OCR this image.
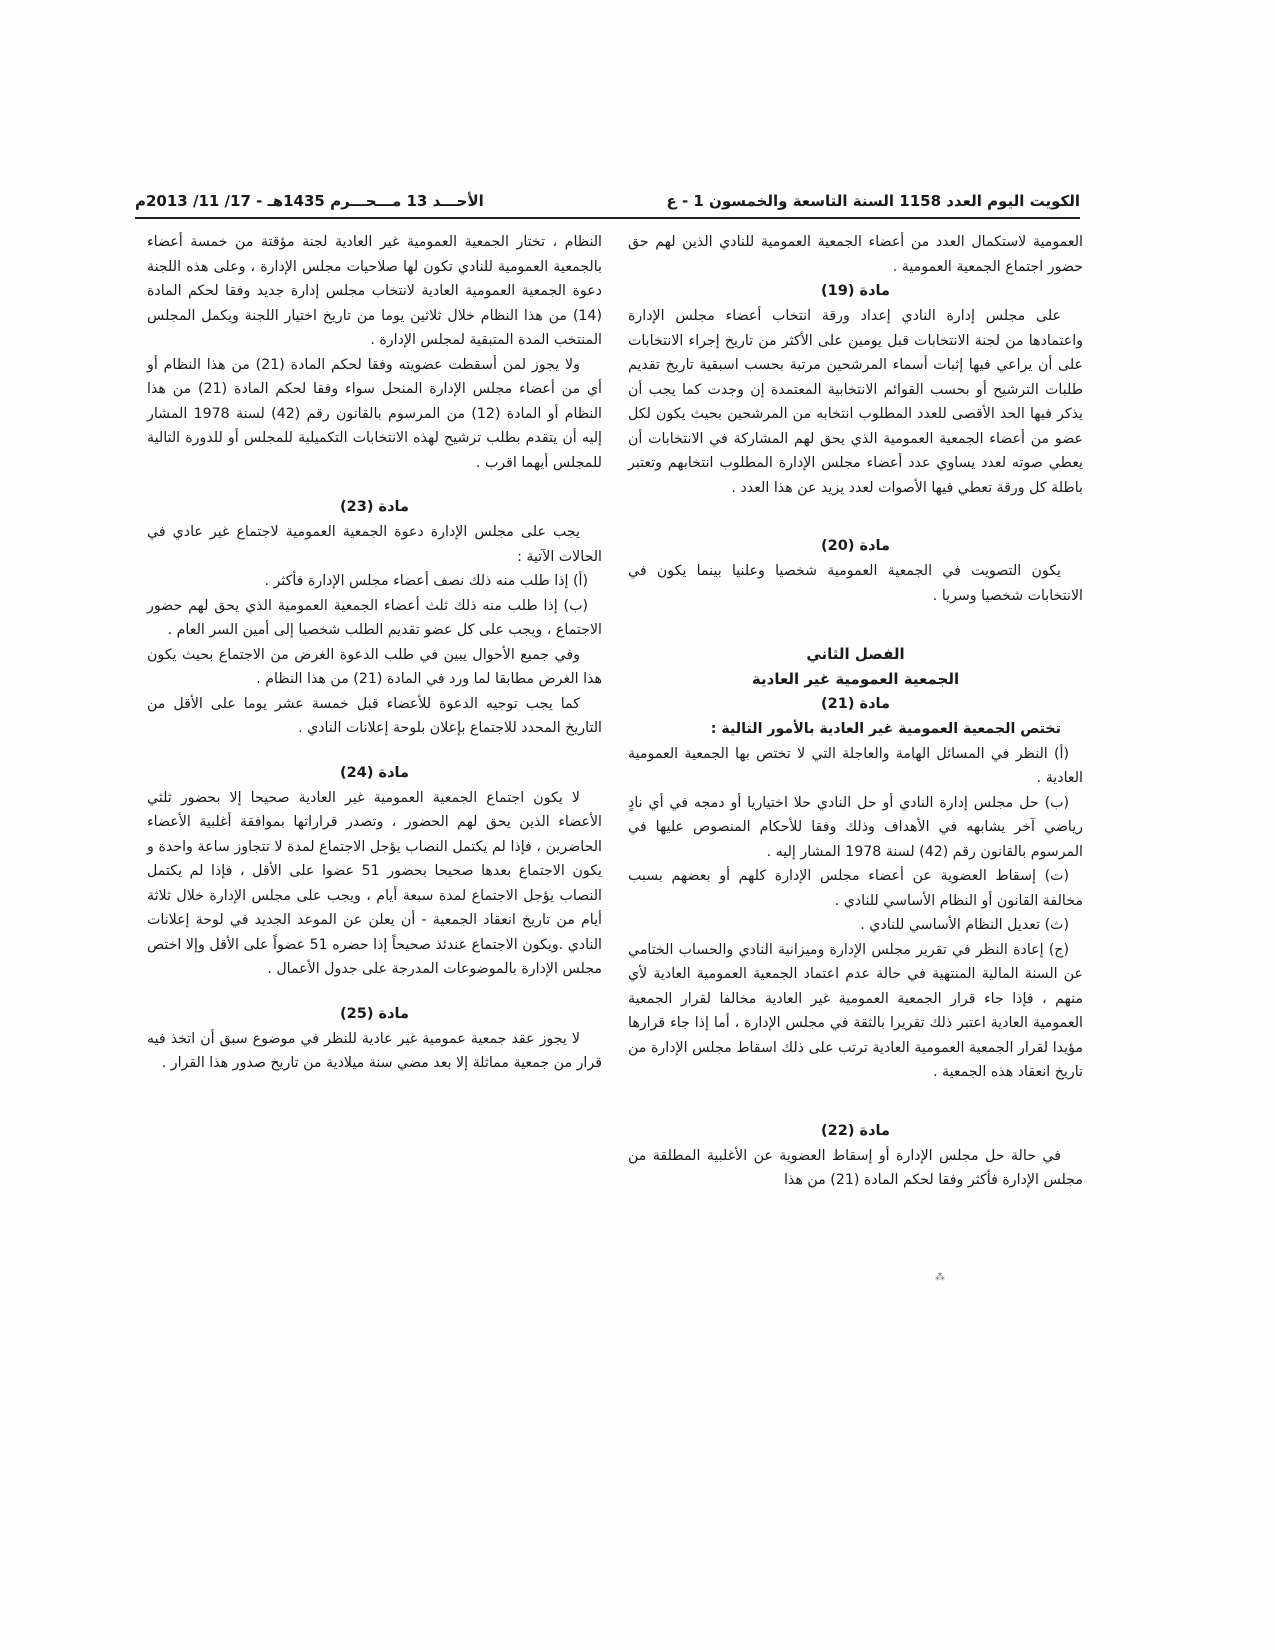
الكويت اليوم العدد 1158 السنة التاسعة والخمسون 1 - ع
الأحـــد 13 مـــحـــرم 1435هـ - 17/ 11/ 2013م

العمومية لاستكمال العدد من أعضاء الجمعية العمومية للنادي الذين لهم حق حضور اجتماع الجمعية العمومية .

مادة (19)

على مجلس إدارة النادي إعداد ورقة انتخاب أعضاء مجلس الإدارة واعتمادها من لجنة الانتخابات قبل يومين على الأكثر من تاريخ إجراء الانتخابات على أن يراعي فيها إثبات أسماء المرشحين مرتبة بحسب اسبقية تاريخ تقديم طلبات الترشيح أو بحسب القوائم الانتخابية المعتمدة إن وجدت كما يجب أن يذكر فيها الحد الأقصى للعدد المطلوب انتخابه من المرشحين بحيث يكون لكل عضو من أعضاء الجمعية العمومية الذي يحق لهم المشاركة في الانتخابات أن يعطي صوته لعدد يساوي عدد أعضاء مجلس الإدارة المطلوب انتخابهم وتعتبر باطلة كل ورقة تعطي فيها الأصوات لعدد يزيد عن هذا العدد .

مادة (20)

يكون التصويت في الجمعية العمومية شخصيا وعلنيا بينما يكون في الانتخابات شخصيا وسريا .

الفصل الثاني
الجمعية العمومية غير العادية
مادة (21)

تختص الجمعية العمومية غير العادية بالأمور التالية :

(أ) النظر في المسائل الهامة والعاجلة التي لا تختص بها الجمعية العمومية العادية .

(ب) حل مجلس إدارة النادي أو حل النادي حلا اختياريا أو دمجه في أي نادٍ رياضي آخر يشابهه في الأهداف وذلك وفقا للأحكام المنصوص عليها في المرسوم بالقانون رقم (42) لسنة 1978 المشار إليه .

(ت) إسقاط العضوية عن أعضاء مجلس الإدارة كلهم أو بعضهم بسبب مخالفة القانون أو النظام الأساسي للنادي .

(ث) تعديل النظام الأساسي للنادي .

(ج) إعادة النظر في تقرير مجلس الإدارة وميزانية النادي والحساب الختامي عن السنة المالية المنتهية في حالة عدم اعتماد الجمعية العمومية العادية لأي منهم ، فإذا جاء قرار الجمعية العمومية غير العادية مخالفا لقرار الجمعية العمومية العادية اعتبر ذلك تقريرا بالثقة في مجلس الإدارة ، أما إذا جاء قرارها مؤيدا لقرار الجمعية العمومية العادية ترتب على ذلك اسقاط مجلس الإدارة من تاريخ انعقاد هذه الجمعية .

مادة (22)

في حالة حل مجلس الإدارة أو إسقاط العضوية عن الأغلبية المطلقة من مجلس الإدارة فأكثر وفقا لحكم المادة (21) من هذا

النظام ، تختار الجمعية العمومية غير العادية لجنة مؤقتة من خمسة أعضاء بالجمعية العمومية للنادي تكون لها صلاحيات مجلس الإدارة ، وعلى هذه اللجنة دعوة الجمعية العمومية العادية لانتخاب مجلس إدارة جديد وفقا لحكم المادة (14) من هذا النظام خلال ثلاثين يوما من تاريخ اختيار اللجنة ويكمل المجلس المنتخب المدة المتبقية لمجلس الإدارة .

ولا يجوز لمن أسقطت عضويته وفقا لحكم المادة (21) من هذا النظام أو أي من أعضاء مجلس الإدارة المنحل سواء وفقا لحكم المادة (21) من هذا النظام أو المادة (12) من المرسوم بالقانون رقم (42) لسنة 1978 المشار إليه أن يتقدم بطلب ترشيح لهذه الانتخابات التكميلية للمجلس أو للدورة التالية للمجلس أيهما اقرب .

مادة (23)

يجب على مجلس الإدارة دعوة الجمعية العمومية لاجتماع غير عادي في الحالات الآتية :

(أ) إذا طلب منه ذلك نصف أعضاء مجلس الإدارة فأكثر .

(ب) إذا طلب منه ذلك ثلث أعضاء الجمعية العمومية الذي يحق لهم حضور الاجتماع ، ويجب على كل عضو تقديم الطلب شخصيا إلى أمين السر العام .

وفي جميع الأحوال يبين في طلب الدعوة الغرض من الاجتماع بحيث يكون هذا الغرض مطابقا لما ورد في المادة (21) من هذا النظام .

كما يجب توجيه الدعوة للأعضاء قبل خمسة عشر يوما على الأقل من التاريخ المحدد للاجتماع بإعلان بلوحة إعلانات النادي .

مادة (24)

لا يكون اجتماع الجمعية العمومية غير العادية صحيحا إلا بحضور ثلثي الأعضاء الذين يحق لهم الحضور ، وتصدر قراراتها بموافقة أغلبية الأعضاء الحاضرين ، فإذا لم يكتمل النصاب يؤجل الاجتماع لمدة لا تتجاوز ساعة واحدة و يكون الاجتماع بعدها صحيحا بحضور 51 عضوا على الأقل ، فإذا لم يكتمل النصاب يؤجل الاجتماع لمدة سبعة أيام ، ويجب على مجلس الإدارة خلال ثلاثة أيام من تاريخ انعقاد الجمعية - أن يعلن عن الموعد الجديد في لوحة إعلانات النادي .ويكون الاجتماع عندئذ صحيحاً إذا حضره 51 عضواً على الأقل وإلا اختص مجلس الإدارة بالموضوعات المدرجة على جدول الأعمال .

مادة (25)

لا يجوز عقد جمعية عمومية غير عادية للنظر في موضوع سبق أن اتخذ فيه قرار من جمعية مماثلة إلا بعد مضي سنة ميلادية من تاريخ صدور هذا القرار .

⁂
